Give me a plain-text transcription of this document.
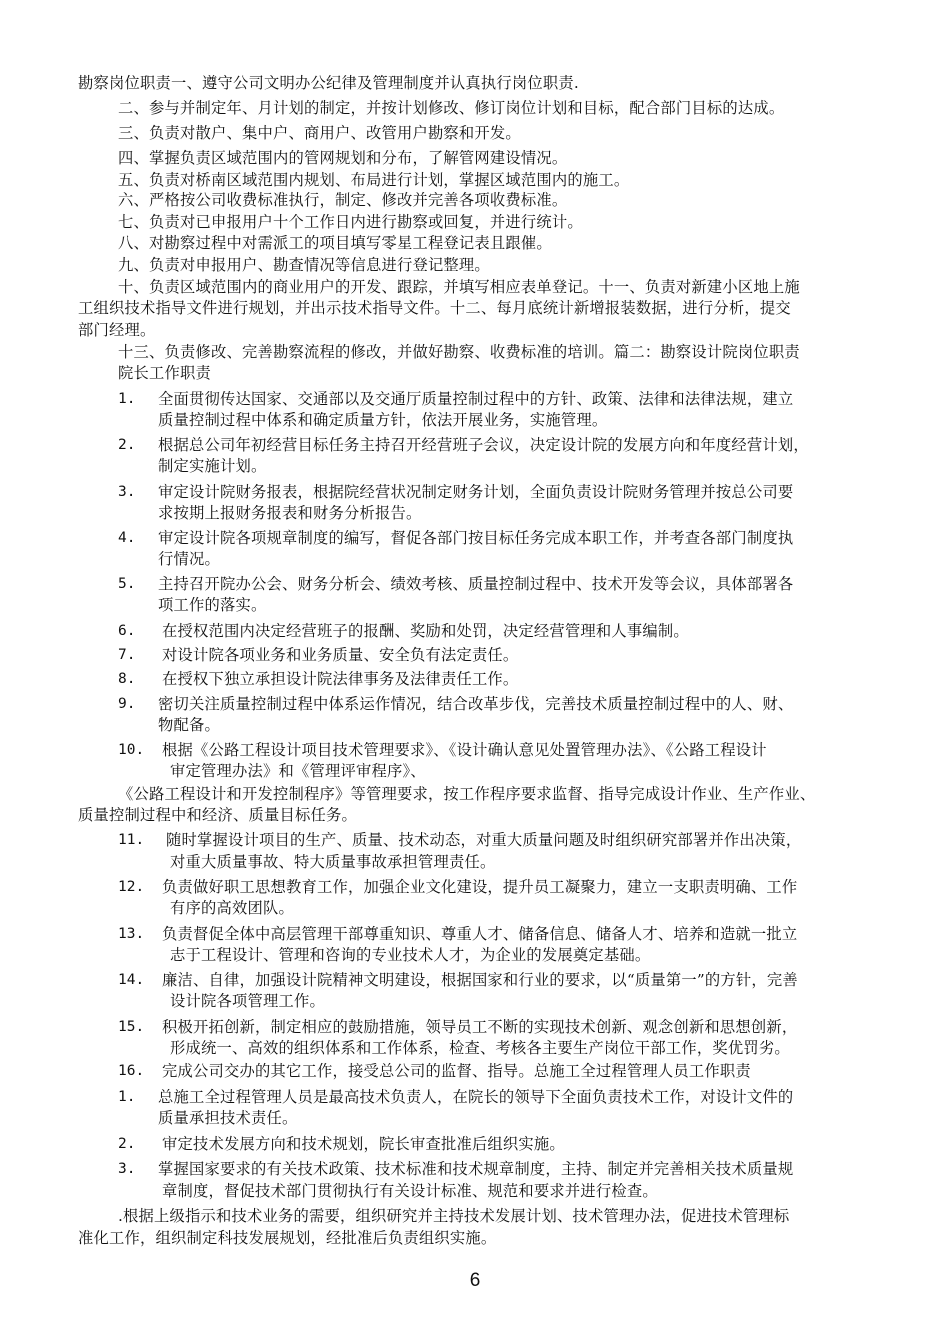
勘察岗位职责一、遵守公司文明办公纪律及管理制度并认真执行岗位职责.
二、参与并制定年、月计划的制定，并按计划修改、修订岗位计划和目标，配合部门目标的达成。
三、负责对散户、集中户、商用户、改管用户勘察和开发。
四、掌握负责区域范围内的管网规划和分布，了解管网建设情况。
五、负责对桥南区域范围内规划、布局进行计划，掌握区域范围内的施工。
六、严格按公司收费标准执行，制定、修改并完善各项收费标准。
七、负责对已申报用户十个工作日内进行勘察或回复，并进行统计。
八、对勘察过程中对需派工的项目填写零星工程登记表且跟催。
九、负责对申报用户、勘查情况等信息进行登记整理。
十、负责区域范围内的商业用户的开发、跟踪，并填写相应表单登记。十一、负责对新建小区地上施
工组织技术指导文件进行规划，并出示技术指导文件。十二、每月底统计新增报装数据，进行分析，提交
部门经理。
十三、负责修改、完善勘察流程的修改，并做好勘察、收费标准的培训。篇二：勘察设计院岗位职责
院长工作职责
1. 全面贯彻传达国家、交通部以及交通厅质量控制过程中的方针、政策、法律和法律法规，建立
质量控制过程中体系和确定质量方针，依法开展业务，实施管理。
2. 根据总公司年初经营目标任务主持召开经营班子会议，决定设计院的发展方向和年度经营计划，
制定实施计划。
3. 审定设计院财务报表，根据院经营状况制定财务计划，全面负责设计院财务管理并按总公司要
求按期上报财务报表和财务分析报告。
4. 审定设计院各项规章制度的编写，督促各部门按目标任务完成本职工作，并考查各部门制度执
行情况。
5. 主持召开院办公会、财务分析会、绩效考核、质量控制过程中、技术开发等会议，具体部署各
项工作的落实。
6. 在授权范围内决定经营班子的报酬、奖励和处罚，决定经营管理和人事编制。
7. 对设计院各项业务和业务质量、安全负有法定责任。
8. 在授权下独立承担设计院法律事务及法律责任工作。
9. 密切关注质量控制过程中体系运作情况，结合改革步伐，完善技术质量控制过程中的人、财、
物配备。
10. 根据《公路工程设计项目技术管理要求》、《设计确认意见处置管理办法》、《公路工程设计
审定管理办法》和《管理评审程序》、
《公路工程设计和开发控制程序》等管理要求，按工作程序要求监督、指导完成设计作业、生产作业、
质量控制过程中和经济、质量目标任务。
11. 随时掌握设计项目的生产、质量、技术动态，对重大质量问题及时组织研究部署并作出决策，
对重大质量事故、特大质量事故承担管理责任。
12. 负责做好职工思想教育工作，加强企业文化建设，提升员工凝聚力，建立一支职责明确、工作
有序的高效团队。
13. 负责督促全体中高层管理干部尊重知识、尊重人才、储备信息、储备人才、培养和造就一批立
志于工程设计、管理和咨询的专业技术人才，为企业的发展奠定基础。
14. 廉洁、自律，加强设计院精神文明建设，根据国家和行业的要求，以“质量第一”的方针，完善
设计院各项管理工作。
15. 积极开拓创新，制定相应的鼓励措施，领导员工不断的实现技术创新、观念创新和思想创新，
形成统一、高效的组织体系和工作体系，检查、考核各主要生产岗位干部工作，奖优罚劣。
16. 完成公司交办的其它工作，接受总公司的监督、指导。总施工全过程管理人员工作职责
1. 总施工全过程管理人员是最高技术负责人，在院长的领导下全面负责技术工作，对设计文件的
质量承担技术责任。
2. 审定技术发展方向和技术规划，院长审查批准后组织实施。
3. 掌握国家要求的有关技术政策、技术标准和技术规章制度，主持、制定并完善相关技术质量规
章制度，督促技术部门贯彻执行有关设计标准、规范和要求并进行检查。
.根据上级指示和技术业务的需要，组织研究并主持技术发展计划、技术管理办法，促进技术管理标
准化工作，组织制定科技发展规划，经批准后负责组织实施。
6
